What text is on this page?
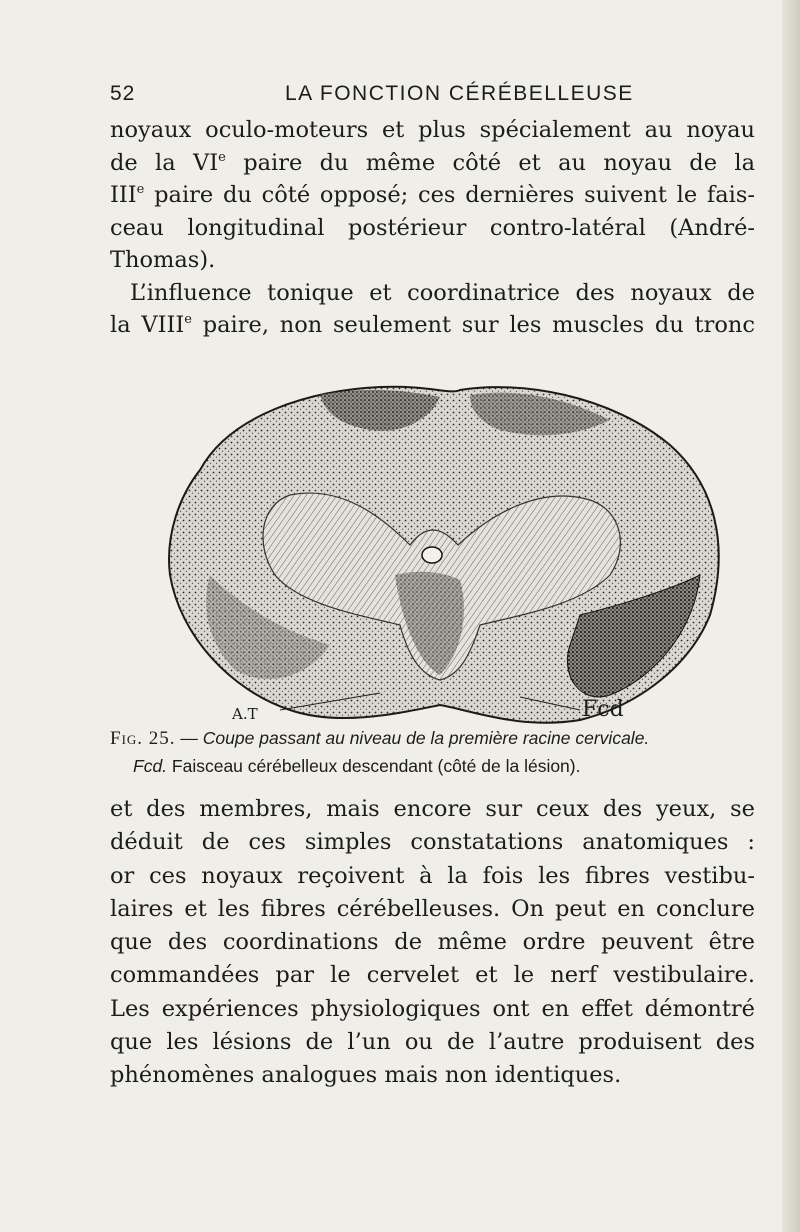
52	LA FONCTION CÉRÉBELLEUSE

noyaux oculo-moteurs et plus spécialement au noyau
de la VIe paire du même côté et au noyau de la
IIIe paire du côté opposé; ces dernières suivent le fais-
ceau longitudinal postérieur contro-latéral (André-
Thomas).
L’influence tonique et coordinatrice des noyaux de
la VIIIe paire, non seulement sur les muscles du tronc

A.T	Fcd
Fig. 25. — Coupe passant au niveau de la première racine cervicale.
Fcd. Faisceau cérébelleux descendant (côté de la lésion).

et des membres, mais encore sur ceux des yeux, se
déduit de ces simples constatations anatomiques :
or ces noyaux reçoivent à la fois les fibres vestibu-
laires et les fibres cérébelleuses. On peut en conclure
que des coordinations de même ordre peuvent être
commandées par le cervelet et le nerf vestibulaire.
Les expériences physiologiques ont en effet démontré
que les lésions de l’un ou de l’autre produisent des
phénomènes analogues mais non identiques.
